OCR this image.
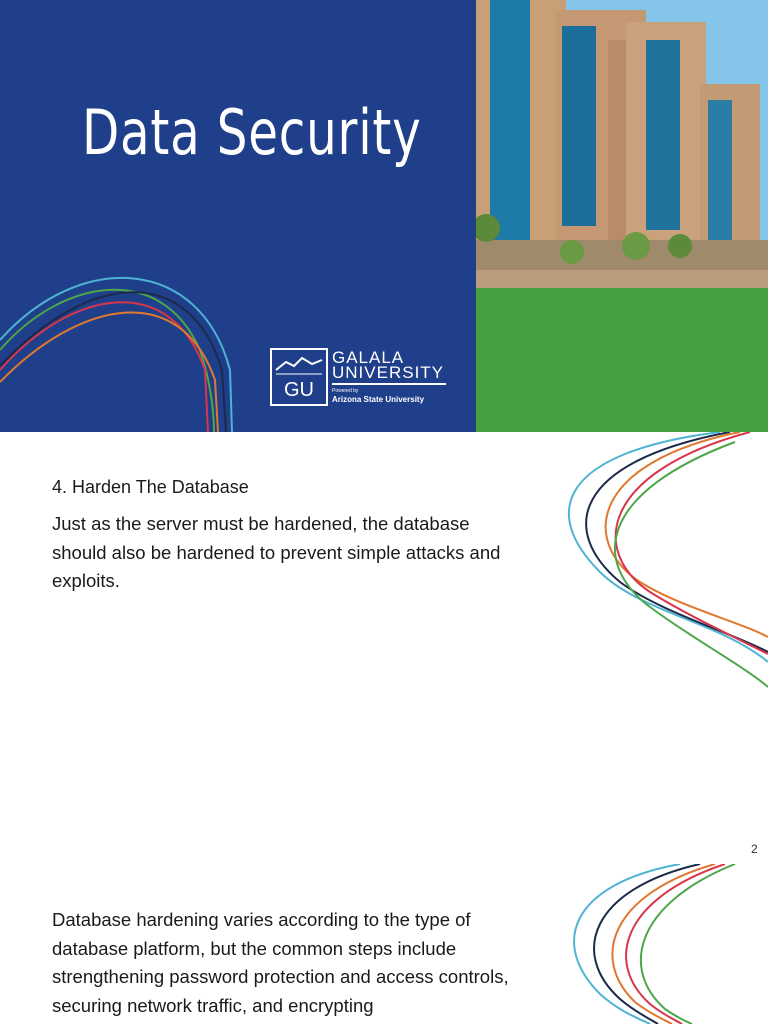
Data Security
GU
GALALA
UNIVERSITY
Powered by
Arizona State University
4. Harden The Database
Just as the server must be hardened, the database should also be hardened to prevent simple attacks and exploits.
2
Database hardening varies according to the type of database platform, but the common steps include strengthening password protection and access controls, securing network traffic, and encrypting
